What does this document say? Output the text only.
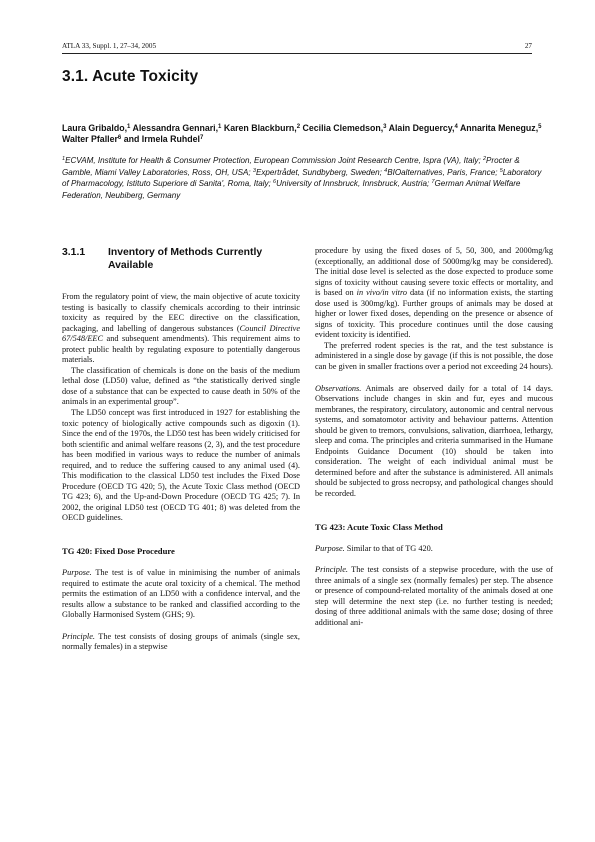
ATLA 33, Suppl. 1, 27–34, 2005	27
3.1. Acute Toxicity
Laura Gribaldo,$^1$ Alessandra Gennari,$^1$ Karen Blackburn,$^2$ Cecilia Clemedson,$^3$ Alain Deguercy,$^4$ Annarita Meneguz,$^5$ Walter Pfaller$^6$ and Irmela Ruhdel$^7$
$^1$ECVAM, Institute for Health & Consumer Protection, European Commission Joint Research Centre, Ispra (VA), Italy; $^2$Procter & Gamble, Miami Valley Laboratories, Ross, OH, USA; $^3$Expertrådet, Sundbyberg, Sweden; $^4$BIOalternatives, Paris, France; $^5$Laboratory of Pharmacology, Istituto Superiore di Sanita', Roma, Italy; $^6$University of Innsbruck, Innsbruck, Austria; $^7$German Animal Welfare Federation, Neubiberg, Germany
3.1.1	Inventory of Methods Currently Available

From the regulatory point of view, the main objective of acute toxicity testing is basically to classify chemicals according to their intrinsic toxicity as required by the EEC directive on the classification, packaging, and labelling of dangerous substances (Council Directive 67/548/EEC and subsequent amendments). This requirement aims to protect public health by regulating exposure to potentially dangerous materials.

The classification of chemicals is done on the basis of the medium lethal dose (LD50) value, defined as “the statistically derived single dose of a substance that can be expected to cause death in 50% of the animals in an experimental group”.

The LD50 concept was first introduced in 1927 for establishing the toxic potency of biologically active compounds such as digoxin (1). Since the end of the 1970s, the LD50 test has been widely criticised for both scientific and animal welfare reasons (2, 3), and the test procedure has been modified in various ways to reduce the number of animals required, and to reduce the suffering caused to any animal used (4). This modification to the classical LD50 test includes the Fixed Dose Procedure (OECD TG 420; 5), the Acute Toxic Class method (OECD TG 423; 6), and the Up-and-Down Procedure (OECD TG 425; 7). In 2002, the original LD50 test (OECD TG 401; 8) was deleted from the OECD guidelines.

TG 420: Fixed Dose Procedure

Purpose. The test is of value in minimising the number of animals required to estimate the acute oral toxicity of a chemical. The method permits the estimation of an LD50 with a confidence interval, and the results allow a substance to be ranked and classified according to the Globally Harmonised System (GHS; 9).

Principle. The test consists of dosing groups of animals (single sex, normally females) in a stepwise

procedure by using the fixed doses of 5, 50, 300, and 2000mg/kg (exceptionally, an additional dose of 5000mg/kg may be considered). The initial dose level is selected as the dose expected to produce some signs of toxicity without causing severe toxic effects or mortality, and is based on in vivo/in vitro data (if no information exists, the starting dose used is 300mg/kg). Further groups of animals may be dosed at higher or lower fixed doses, depending on the presence or absence of signs of toxicity. This procedure continues until the dose causing evident toxicity is identified.

The preferred rodent species is the rat, and the test substance is administered in a single dose by gavage (if this is not possible, the dose can be given in smaller fractions over a period not exceeding 24 hours).

Observations. Animals are observed daily for a total of 14 days. Observations include changes in skin and fur, eyes and mucous membranes, the respiratory, circulatory, autonomic and central nervous systems, and somatomotor activity and behaviour patterns. Attention should be given to tremors, convulsions, salivation, diarrhoea, lethargy, sleep and coma. The principles and criteria summarised in the Humane Endpoints Guidance Document (10) should be taken into consideration. The weight of each individual animal must be determined before and after the substance is administered. All animals should be subjected to gross necropsy, and pathological changes should be recorded.

TG 423: Acute Toxic Class Method

Purpose. Similar to that of TG 420.

Principle. The test consists of a stepwise procedure, with the use of three animals of a single sex (normally females) per step. The absence or presence of compound-related mortality of the animals dosed at one step will determine the next step (i.e. no further testing is needed; dosing of three additional animals with the same dose; dosing of three additional ani-
